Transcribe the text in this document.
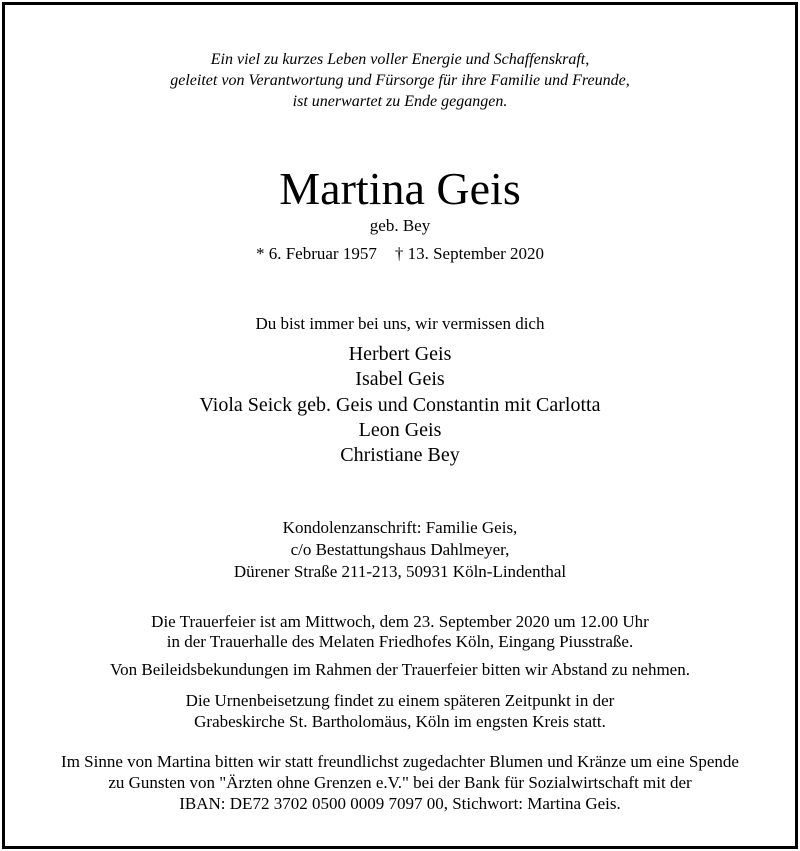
Ein viel zu kurzes Leben voller Energie und Schaffenskraft,
geleitet von Verantwortung und Fürsorge für ihre Familie und Freunde,
ist unerwartet zu Ende gegangen.
Martina Geis
geb. Bey
* 6. Februar 1957 † 13. September 2020
Du bist immer bei uns, wir vermissen dich
Herbert Geis
Isabel Geis
Viola Seick geb. Geis und Constantin mit Carlotta
Leon Geis
Christiane Bey
Kondolenzanschrift: Familie Geis,
c/o Bestattungshaus Dahlmeyer,
Dürener Straße 211-213, 50931 Köln-Lindenthal
Die Trauerfeier ist am Mittwoch, dem 23. September 2020 um 12.00 Uhr
in der Trauerhalle des Melaten Friedhofes Köln, Eingang Piusstraße.
Von Beileidsbekundungen im Rahmen der Trauerfeier bitten wir Abstand zu nehmen.
Die Urnenbeisetzung findet zu einem späteren Zeitpunkt in der
Grabeskirche St. Bartholomäus, Köln im engsten Kreis statt.
Im Sinne von Martina bitten wir statt freundlichst zugedachter Blumen und Kränze um eine Spende
zu Gunsten von "Ärzten ohne Grenzen e.V." bei der Bank für Sozialwirtschaft mit der
IBAN: DE72 3702 0500 0009 7097 00, Stichwort: Martina Geis.
